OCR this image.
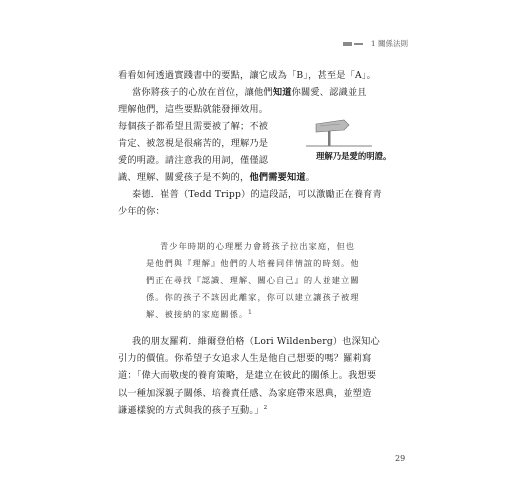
1 關係法則
看看如何透過實踐書中的要點，讓它成為「B」，甚至是「A」。
當你將孩子的心放在首位，讓他們知道你關愛、認識並且
理解他們，這些要點就能發揮效用。
每個孩子都希望且需要被了解；不被
肯定、被忽視是很痛苦的，理解乃是
愛的明證。請注意我的用詞，僅僅認	理解乃是愛的明證。
識、理解、關愛孩子是不夠的，他們需要知道。
泰德．崔普（Tedd Tripp）的這段話，可以激勵正在養育青
少年的你：
青少年時期的心理壓力會將孩子拉出家庭，但也
是他們與『理解』他們的人培養同伴情誼的時刻。他
們正在尋找『認識、理解、關心自己』的人並建立關
係。你的孩子不該因此離家，你可以建立讓孩子被理
解、被接納的家庭關係。$^1$
我的朋友羅莉．維爾登伯格（Lori Wildenberg）也深知心
引力的價值。你希望子女追求人生是他自己想要的嗎？羅莉寫
道：「偉大而敬虔的養育策略，是建立在彼此的關係上。我想要
以一種加深親子關係、培養責任感、為家庭帶來恩典，並塑造
謙遜樣貌的方式與我的孩子互動。」$^2$
29
